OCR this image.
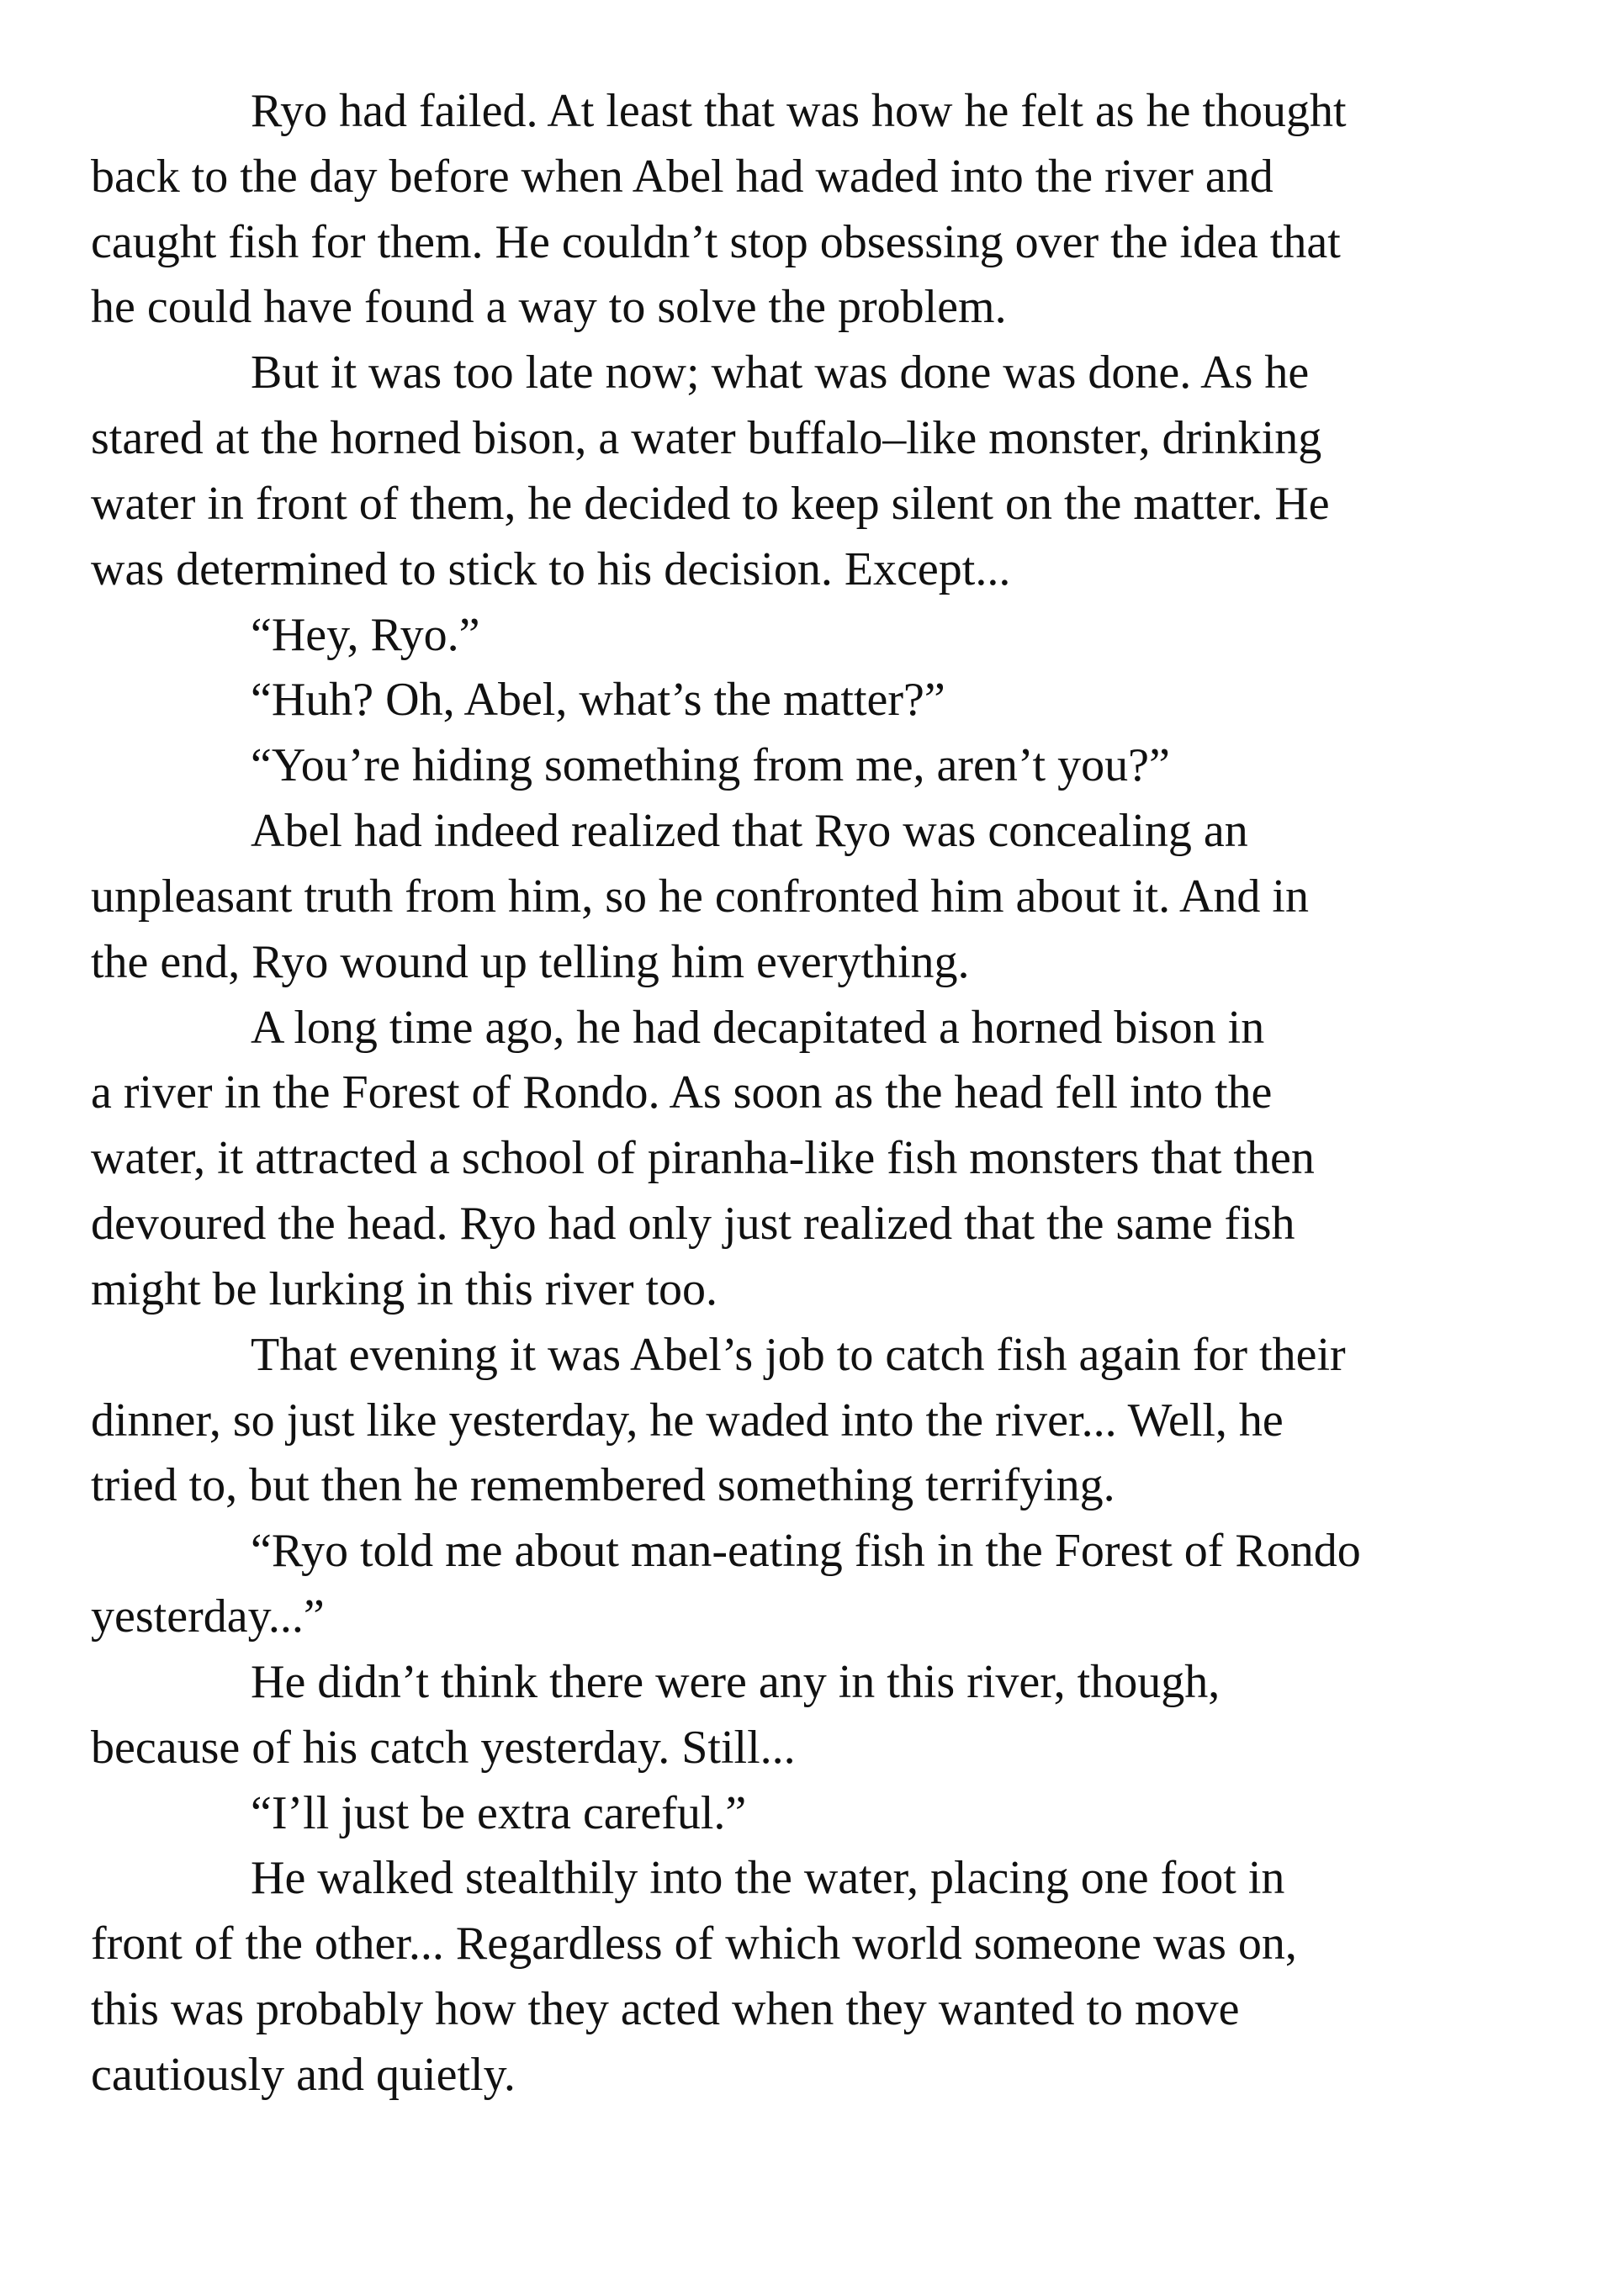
Ryo had failed. At least that was how he felt as he thought
back to the day before when Abel had waded into the river and
caught fish for them. He couldn’t stop obsessing over the idea that
he could have found a way to solve the problem.
But it was too late now; what was done was done. As he
stared at the horned bison, a water buffalo–like monster, drinking
water in front of them, he decided to keep silent on the matter. He
was determined to stick to his decision. Except...
“Hey, Ryo.”
“Huh? Oh, Abel, what’s the matter?”
“You’re hiding something from me, aren’t you?”
Abel had indeed realized that Ryo was concealing an
unpleasant truth from him, so he confronted him about it. And in
the end, Ryo wound up telling him everything.
A long time ago, he had decapitated a horned bison in
a river in the Forest of Rondo. As soon as the head fell into the
water, it attracted a school of piranha-like fish monsters that then
devoured the head. Ryo had only just realized that the same fish
might be lurking in this river too.
That evening it was Abel’s job to catch fish again for their
dinner, so just like yesterday, he waded into the river... Well, he
tried to, but then he remembered something terrifying.
“Ryo told me about man-eating fish in the Forest of Rondo
yesterday...”
He didn’t think there were any in this river, though,
because of his catch yesterday. Still...
“I’ll just be extra careful.”
He walked stealthily into the water, placing one foot in
front of the other... Regardless of which world someone was on,
this was probably how they acted when they wanted to move
cautiously and quietly.
